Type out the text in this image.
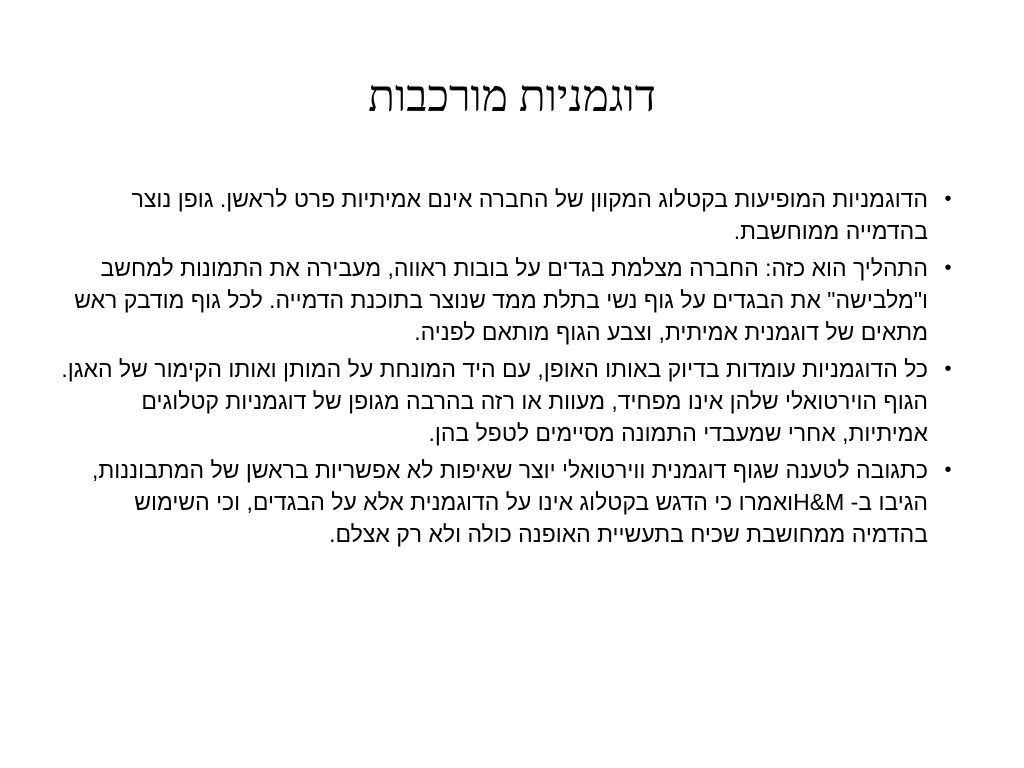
דוגמניות מורכבות
•
הדוגמניות המופיעות בקטלוג המקוון של החברה אינם אמיתיות פרט לראשן. גופן נוצר בהדמייה ממוחשבת.
•
התהליך הוא כזה: החברה מצלמת בגדים על בובות ראווה, מעבירה את התמונות למחשב ו"מלבישה" את הבגדים על גוף נשי בתלת ממד שנוצר בתוכנת הדמייה. לכל גוף מודבק ראש מתאים של דוגמנית אמיתית, וצבע הגוף מותאם לפניה.
•
כל הדוגמניות עומדות בדיוק באותו האופן, עם היד המונחת על המותן ואותו הקימור של האגן. הגוף הוירטואלי שלהן אינו מפחיד, מעוות או רזה בהרבה מגופן של דוגמניות קטלוגים אמיתיות, אחרי שמעבדי התמונה מסיימים לטפל בהן.
•
כתגובה לטענה שגוף דוגמנית ווירטואלי יוצר שאיפות לא אפשריות בראשן של המתבוננות, הגיבו ב- H&Mואמרו כי הדגש בקטלוג אינו על הדוגמנית אלא על הבגדים, וכי השימוש בהדמיה ממחושבת שכיח בתעשיית האופנה כולה ולא רק אצלם.
